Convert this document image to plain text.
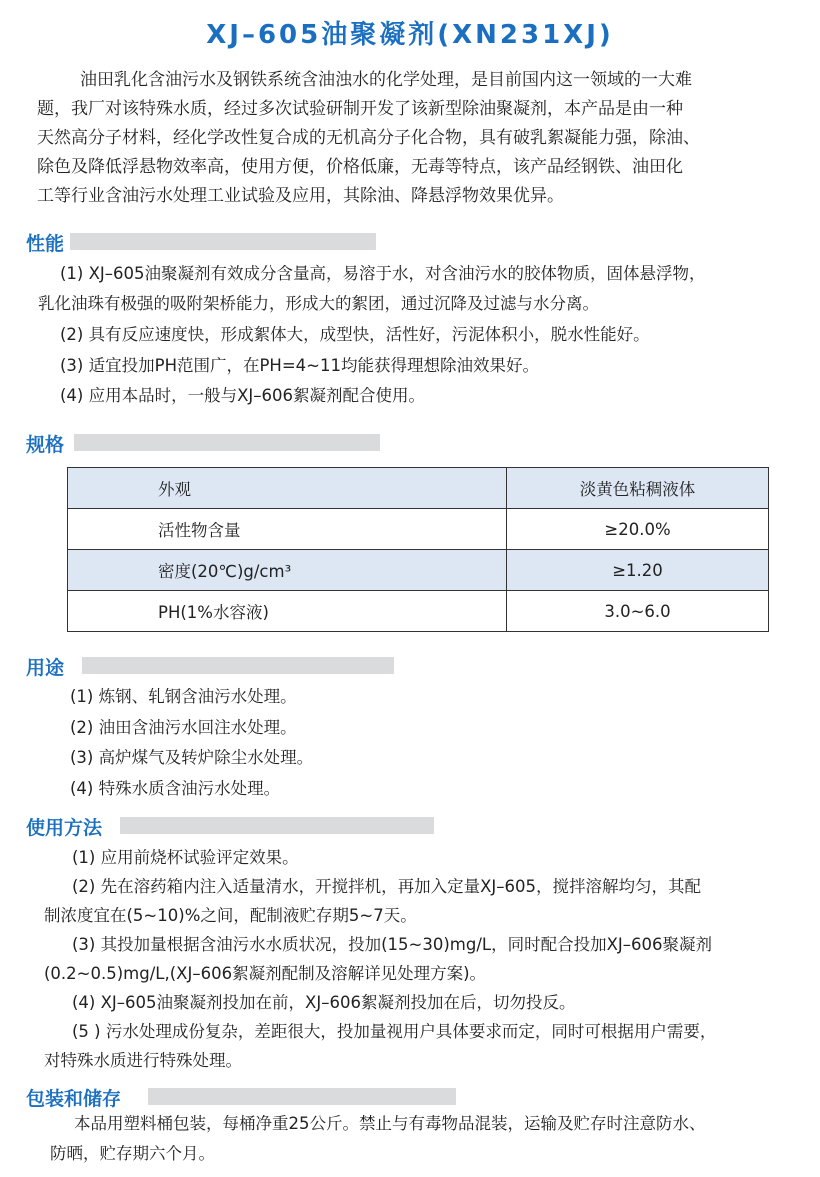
XJ–605油聚凝剂(XN231XJ)
油田乳化含油污水及钢铁系统含油浊水的化学处理，是目前国内这一领域的一大难
题，我厂对该特殊水质，经过多次试验研制开发了该新型除油聚凝剂，本产品是由一种
天然高分子材料，经化学改性复合成的无机高分子化合物，具有破乳絮凝能力强，除油、
除色及降低浮悬物效率高，使用方便，价格低廉，无毒等特点，该产品经钢铁、油田化
工等行业含油污水处理工业试验及应用，其除油、降悬浮物效果优异。
性能

(1) XJ–605油聚凝剂有效成分含量高，易溶于水，对含油污水的胶体物质，固体悬浮物，

乳化油珠有极强的吸附架桥能力，形成大的絮团，通过沉降及过滤与水分离。

(2) 具有反应速度快，形成絮体大，成型快，活性好，污泥体积小，脱水性能好。

(3) 适宜投加PH范围广，在PH=4~11均能获得理想除油效果好。

(4) 应用本品时，一般与XJ–606絮凝剂配合使用。

规格
外观	淡黄色粘稠液体
活性物含量	≥20.0%
密度(20℃)g/cm³	≥1.20
PH(1%水容液)	3.0~6.0
用途

(1) 炼钢、轧钢含油污水处理。

(2) 油田含油污水回注水处理。

(3) 高炉煤气及转炉除尘水处理。

(4) 特殊水质含油污水处理。

使用方法

(1) 应用前烧杯试验评定效果。

(2) 先在溶药箱内注入适量清水，开搅拌机，再加入定量XJ–605，搅拌溶解均匀，其配

制浓度宜在(5~10)%之间，配制液贮存期5~7天。

(3) 其投加量根据含油污水水质状况，投加(15~30)mg/L，同时配合投加XJ–606聚凝剂

(0.2~0.5)mg/L,(XJ–606絮凝剂配制及溶解详见处理方案)。

(4) XJ–605油聚凝剂投加在前，XJ–606絮凝剂投加在后，切勿投反。

(5 ) 污水处理成份复杂，差距很大，投加量视用户具体要求而定，同时可根据用户需要，

对特殊水质进行特殊处理。

包装和储存

本品用塑料桶包装，每桶净重25公斤。禁止与有毒物品混装，运输及贮存时注意防水、

防晒，贮存期六个月。
